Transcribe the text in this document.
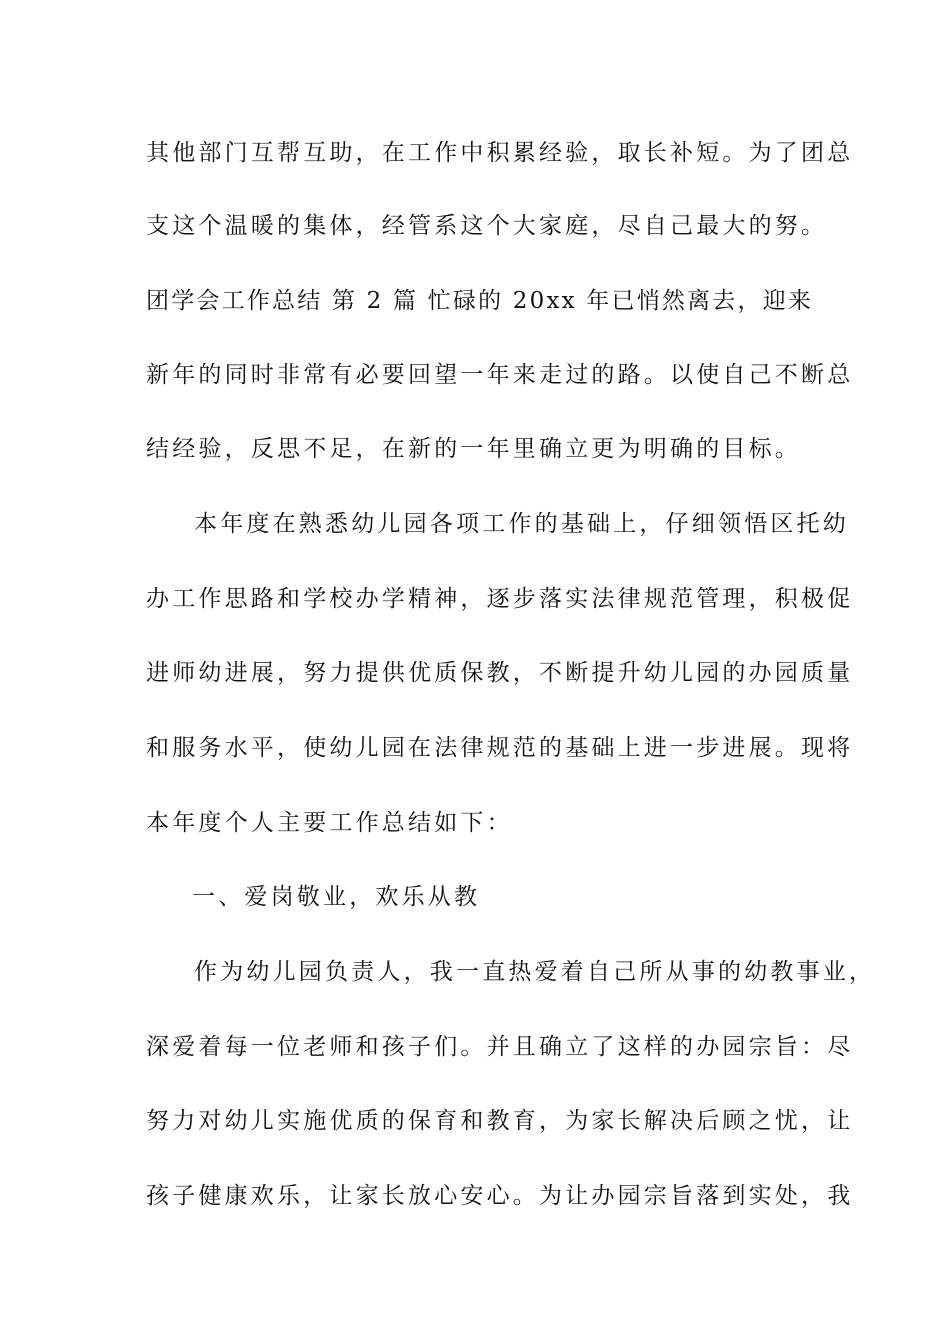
其他部门互帮互助，在工作中积累经验，取长补短。为了团总
支这个温暖的集体，经管系这个大家庭，尽自己最大的努。
团学会工作总结 第 2 篇 忙碌的 20xx 年已悄然离去，迎来
新年的同时非常有必要回望一年来走过的路。以使自己不断总
结经验，反思不足，在新的一年里确立更为明确的目标。
本年度在熟悉幼儿园各项工作的基础上，仔细领悟区托幼
办工作思路和学校办学精神，逐步落实法律规范管理，积极促
进师幼进展，努力提供优质保教，不断提升幼儿园的办园质量
和服务水平，使幼儿园在法律规范的基础上进一步进展。现将
本年度个人主要工作总结如下：
一、爱岗敬业，欢乐从教
作为幼儿园负责人，我一直热爱着自己所从事的幼教事业，
深爱着每一位老师和孩子们。并且确立了这样的办园宗旨：尽
努力对幼儿实施优质的保育和教育，为家长解决后顾之忧，让
孩子健康欢乐，让家长放心安心。为让办园宗旨落到实处，我
